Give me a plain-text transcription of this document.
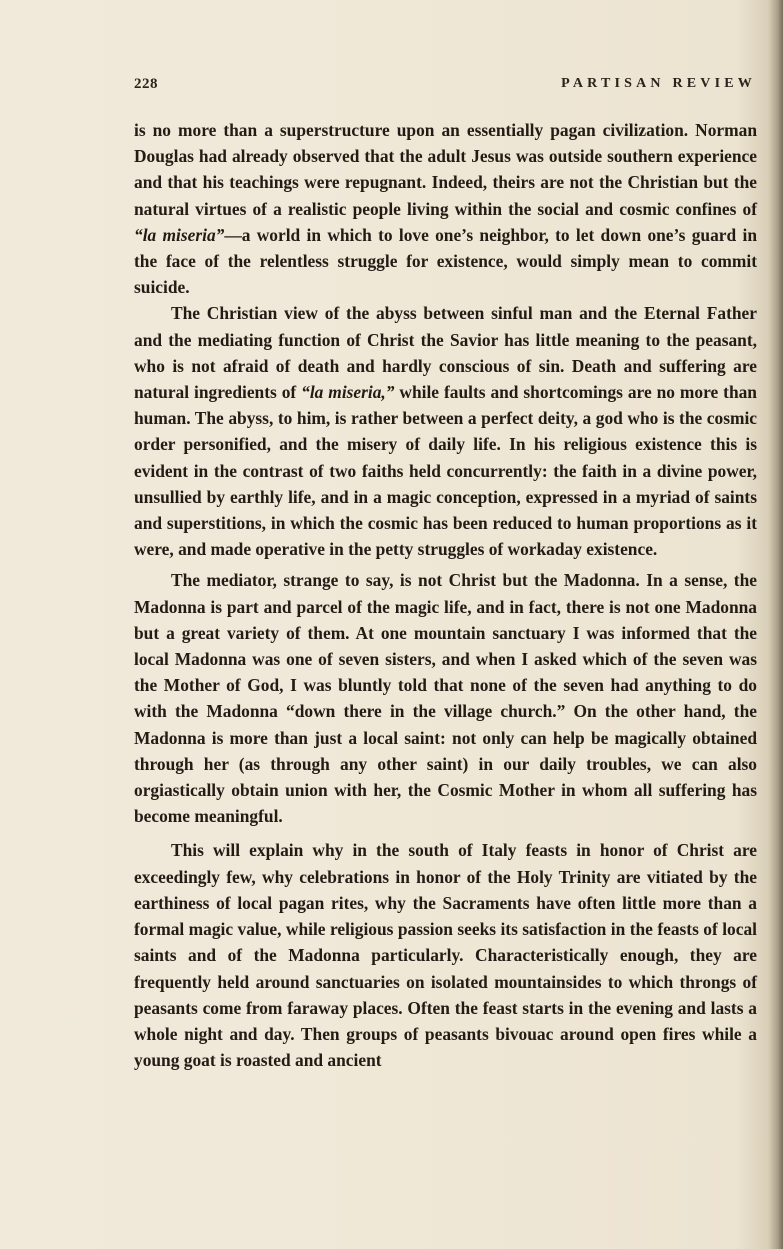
228	PARTISAN REVIEW

is no more than a superstructure upon an essentially pagan civilization. Norman Douglas had already observed that the adult Jesus was outside southern experience and that his teachings were repugnant. Indeed, theirs are not the Christian but the natural virtues of a realistic people living within the social and cosmic confines of “la miseria”—a world in which to love one’s neighbor, to let down one’s guard in the face of the relentless struggle for existence, would simply mean to commit suicide.

The Christian view of the abyss between sinful man and the Eternal Father and the mediating function of Christ the Savior has little meaning to the peasant, who is not afraid of death and hardly conscious of sin. Death and suffering are natural ingredients of “la miseria,” while faults and shortcomings are no more than human. The abyss, to him, is rather between a perfect deity, a god who is the cosmic order personified, and the misery of daily life. In his religious existence this is evident in the contrast of two faiths held concurrently: the faith in a divine power, unsullied by earthly life, and in a magic conception, expressed in a myriad of saints and superstitions, in which the cosmic has been reduced to human proportions as it were, and made operative in the petty struggles of workaday existence.

The mediator, strange to say, is not Christ but the Madonna. In a sense, the Madonna is part and parcel of the magic life, and in fact, there is not one Madonna but a great variety of them. At one mountain sanctuary I was informed that the local Madonna was one of seven sisters, and when I asked which of the seven was the Mother of God, I was bluntly told that none of the seven had anything to do with the Madonna “down there in the village church.” On the other hand, the Madonna is more than just a local saint: not only can help be magically obtained through her (as through any other saint) in our daily troubles, we can also orgiastically obtain union with her, the Cosmic Mother in whom all suffering has become meaningful.

This will explain why in the south of Italy feasts in honor of Christ are exceedingly few, why celebrations in honor of the Holy Trinity are vitiated by the earthiness of local pagan rites, why the Sacraments have often little more than a formal magic value, while religious passion seeks its satisfaction in the feasts of local saints and of the Madonna particularly. Characteristically enough, they are frequently held around sanctuaries on isolated mountainsides to which throngs of peasants come from faraway places. Often the feast starts in the evening and lasts a whole night and day. Then groups of peasants bivouac around open fires while a young goat is roasted and ancient
